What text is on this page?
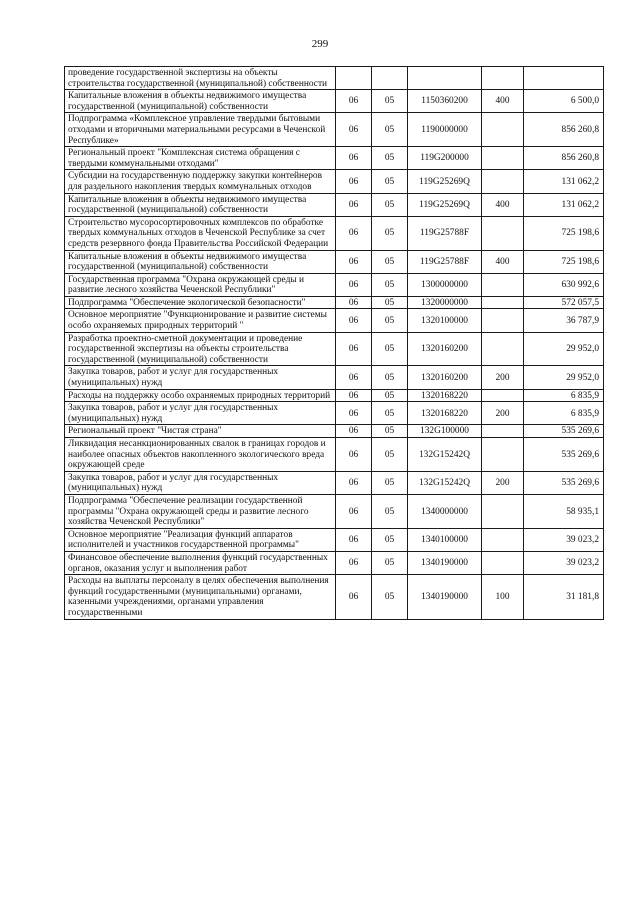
299
проведение государственной экспертизы на объекты строительства государственной (муниципальной) собственности					
Капитальные вложения в объекты недвижимого имущества государственной (муниципальной) собственности	06	05	1150360200	400	6 500,0
Подпрограмма «Комплексное управление твердыми бытовыми отходами и вторичными материальными ресурсами в Чеченской Республике»	06	05	1190000000		856 260,8
Региональный проект "Комплексная система обращения с твердыми коммунальными отходами"	06	05	119G200000		856 260,8
Субсидии на государственную поддержку закупки контейнеров для раздельного накопления твердых коммунальных отходов	06	05	119G25269Q		131 062,2
Капитальные вложения в объекты недвижимого имущества государственной (муниципальной) собственности	06	05	119G25269Q	400	131 062,2
Строительство мусоросортировочных комплексов по обработке твердых коммунальных отходов в Чеченской Республике за счет средств резервного фонда Правительства Российской Федерации	06	05	119G25788F		725 198,6
Капитальные вложения в объекты недвижимого имущества государственной (муниципальной) собственности	06	05	119G25788F	400	725 198,6
Государственная программа "Охрана окружающей среды и развитие лесного хозяйства Чеченской Республики"	06	05	1300000000		630 992,6
Подпрограмма "Обеспечение экологической безопасности"	06	05	1320000000		572 057,5
Основное мероприятие "Функционирование и развитие системы особо охраняемых природных территорий "	06	05	1320100000		36 787,9
Разработка проектно-сметной документации и проведение государственной экспертизы на объекты строительства государственной (муниципальной) собственности	06	05	1320160200		29 952,0
Закупка товаров, работ и услуг для государственных (муниципальных) нужд	06	05	1320160200	200	29 952,0
Расходы на поддержку особо охраняемых природных территорий	06	05	1320168220		6 835,9
Закупка товаров, работ и услуг для государственных (муниципальных) нужд	06	05	1320168220	200	6 835,9
Региональный проект "Чистая страна"	06	05	132G100000		535 269,6
Ликвидация несанкционированных свалок в границах городов и наиболее опасных объектов накопленного экологического вреда окружающей среде	06	05	132G15242Q		535 269,6
Закупка товаров, работ и услуг для государственных (муниципальных) нужд	06	05	132G15242Q	200	535 269,6
Подпрограмма "Обеспечение реализации государственной программы "Охрана окружающей среды и развитие лесного хозяйства Чеченской Республики"	06	05	1340000000		58 935,1
Основное мероприятие "Реализация функций аппаратов исполнителей и участников государственной программы"	06	05	1340100000		39 023,2
Финансовое обеспечение выполнения функций государственных органов, оказания услуг и выполнения работ	06	05	1340190000		39 023,2
Расходы на выплаты персоналу в целях обеспечения выполнения функций государственными (муниципальными) органами, казенными учреждениями, органами управления государственными	06	05	1340190000	100	31 181,8
